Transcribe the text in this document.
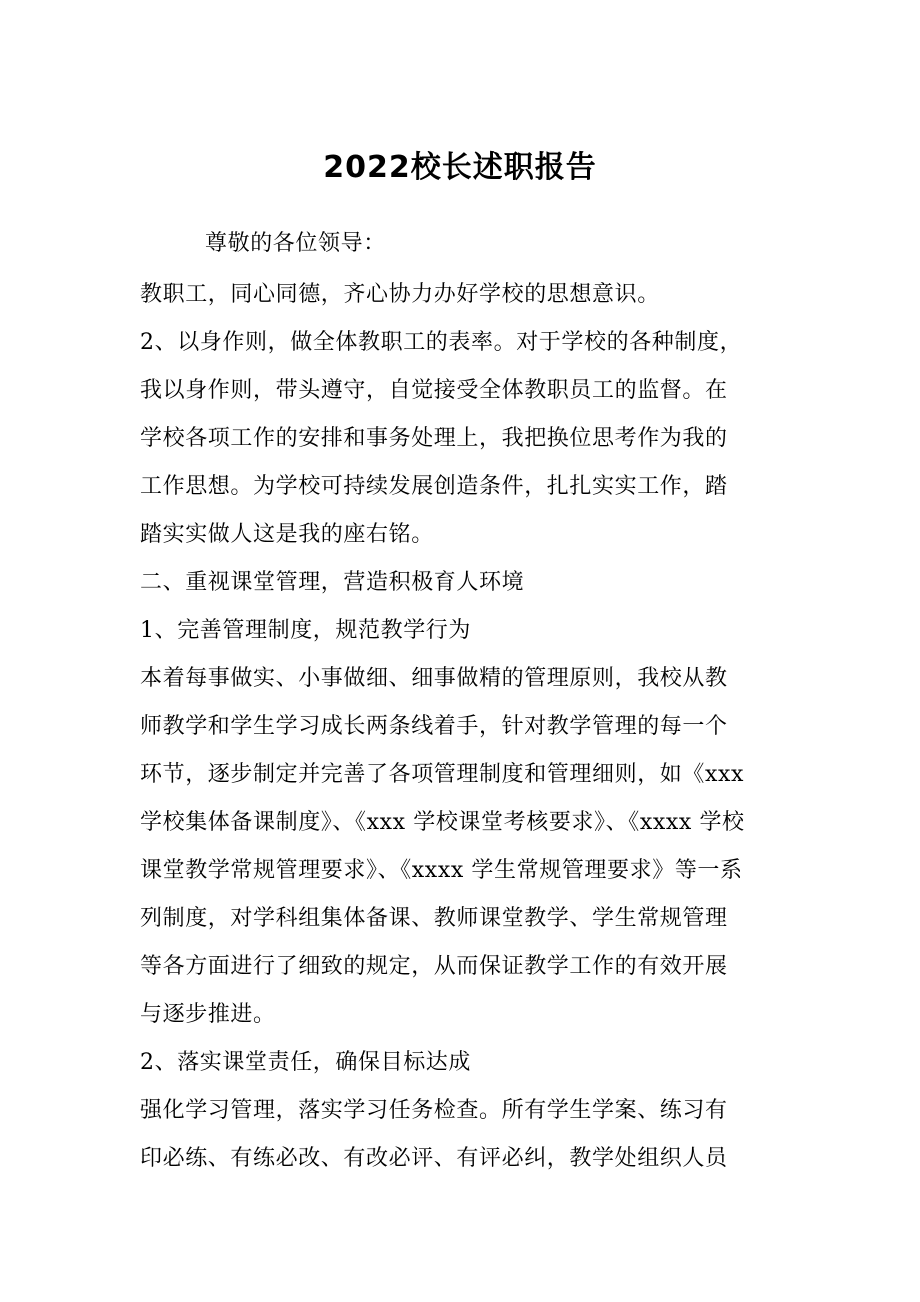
2022校长述职报告
尊敬的各位领导：
教职工，同心同德，齐心协力办好学校的思想意识。
2、以身作则，做全体教职工的表率。对于学校的各种制度，
我以身作则，带头遵守，自觉接受全体教职员工的监督。在
学校各项工作的安排和事务处理上，我把换位思考作为我的
工作思想。为学校可持续发展创造条件，扎扎实实工作，踏
踏实实做人这是我的座右铭。
二、重视课堂管理，营造积极育人环境
1、完善管理制度，规范教学行为
本着每事做实、小事做细、细事做精的管理原则，我校从教
师教学和学生学习成长两条线着手，针对教学管理的每一个
环节，逐步制定并完善了各项管理制度和管理细则，如《xxx
学校集体备课制度》、《xxx 学校课堂考核要求》、《xxxx 学校
课堂教学常规管理要求》、《xxxx 学生常规管理要求》等一系
列制度，对学科组集体备课、教师课堂教学、学生常规管理
等各方面进行了细致的规定，从而保证教学工作的有效开展
与逐步推进。
2、落实课堂责任，确保目标达成
强化学习管理，落实学习任务检查。所有学生学案、练习有
印必练、有练必改、有改必评、有评必纠，教学处组织人员
